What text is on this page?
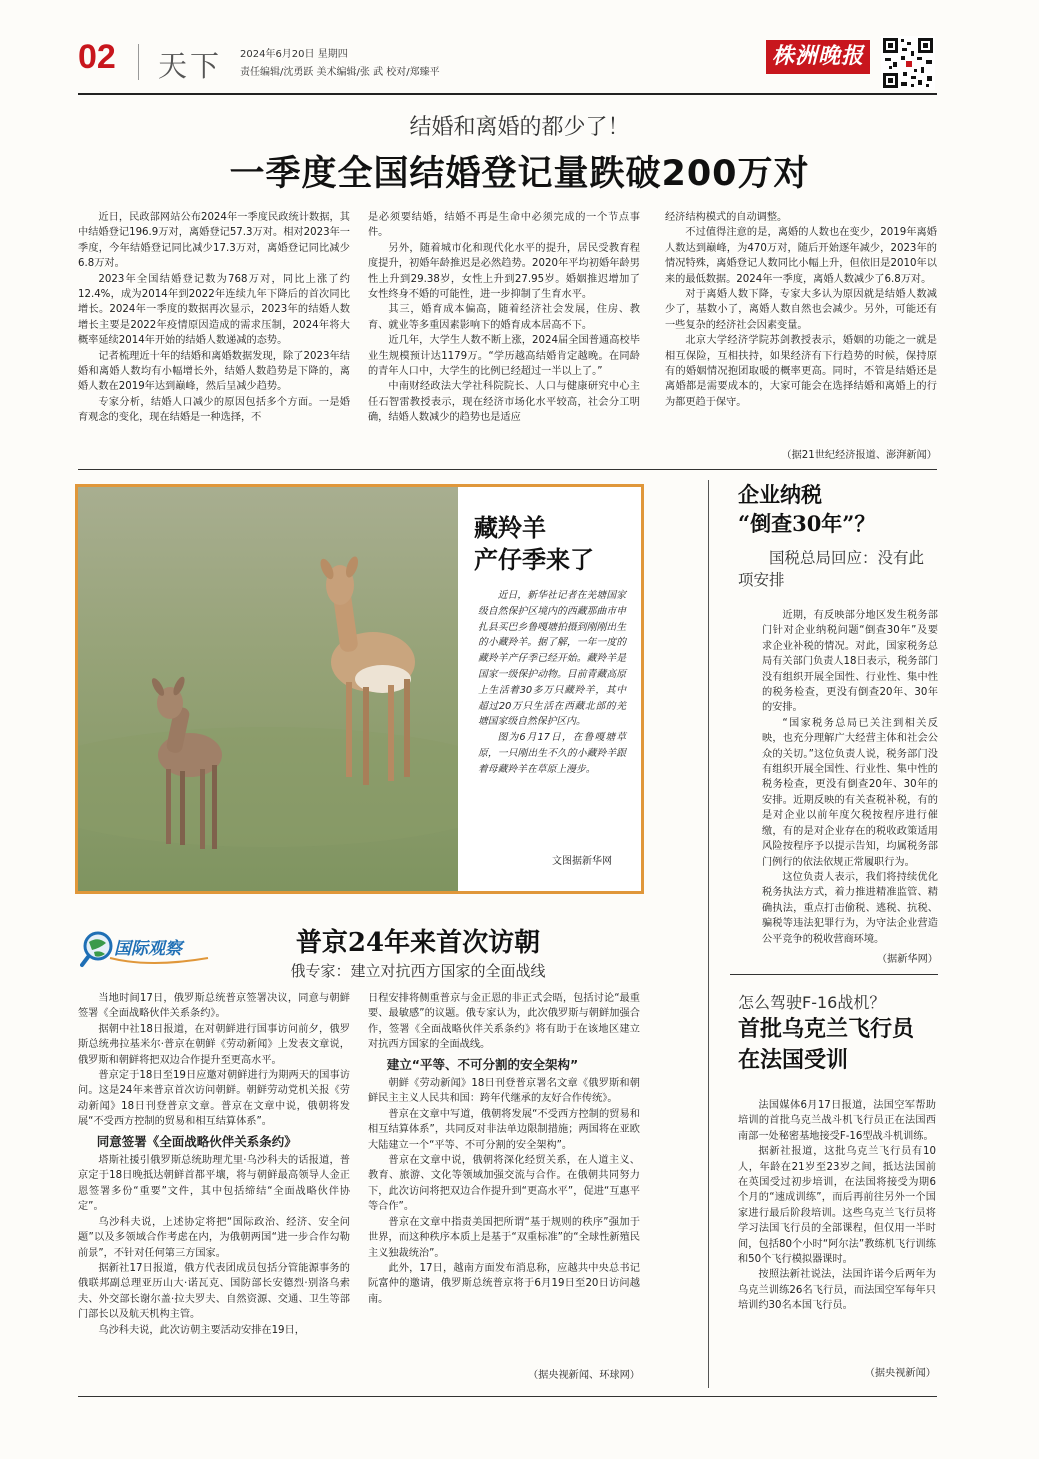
02 天下 2024年6月20日 星期四
责任编辑/沈勇跃 美术编辑/张 武 校对/郑臻平
株洲晚报
结婚和离婚的都少了！
一季度全国结婚登记量跌破200万对

近日，民政部网站公布2024年一季度民政统计数据，其中结婚登记196.9万对，离婚登记57.3万对。相对2023年一季度，今年结婚登记同比减少17.3万对，离婚登记同比减少6.8万对。

2023年全国结婚登记数为768万对，同比上涨了约12.4%，成为2014年到2022年连续九年下降后的首次同比增长。2024年一季度的数据再次显示，2023年的结婚人数增长主要是2022年疫情原因造成的需求压制，2024年将大概率延续2014年开始的结婚人数递减的态势。

记者梳理近十年的结婚和离婚数据发现，除了2023年结婚和离婚人数均有小幅增长外，结婚人数趋势是下降的，离婚人数在2019年达到巅峰，然后呈减少趋势。

专家分析，结婚人口减少的原因包括多个方面。一是婚育观念的变化，现在结婚是一种选择，不

是必须要结婚，结婚不再是生命中必须完成的一个节点事件。

另外，随着城市化和现代化水平的提升，居民受教育程度提升，初婚年龄推迟是必然趋势。2020年平均初婚年龄男性上升到29.38岁，女性上升到27.95岁。婚姻推迟增加了女性终身不婚的可能性，进一步抑制了生育水平。

其三，婚育成本偏高，随着经济社会发展，住房、教育、就业等多重因素影响下的婚育成本居高不下。

近几年，大学生人数不断上涨，2024届全国普通高校毕业生规模预计达1179万。“学历越高结婚肯定越晚。在同龄的青年人口中，大学生的比例已经超过一半以上了。”

中南财经政法大学社科院院长、人口与健康研究中心主任石智雷教授表示，现在经济市场化水平较高，社会分工明确，结婚人数减少的趋势也是适应

经济结构模式的自动调整。

不过值得注意的是，离婚的人数也在变少，2019年离婚人数达到巅峰，为470万对，随后开始逐年减少，2023年的情况特殊，离婚登记人数同比小幅上升，但依旧是2010年以来的最低数据。2024年一季度，离婚人数减少了6.8万对。

对于离婚人数下降，专家大多认为原因就是结婚人数减少了，基数小了，离婚人数自然也会减少。另外，可能还有一些复杂的经济社会因素变量。

北京大学经济学院苏剑教授表示，婚姻的功能之一就是相互保险，互相扶持，如果经济有下行趋势的时候，保持原有的婚姻情况抱团取暖的概率更高。同时，不管是结婚还是离婚都是需要成本的，大家可能会在选择结婚和离婚上的行为都更趋于保守。

（据21世纪经济报道、澎湃新闻）
藏羚羊
产仔季来了

近日，新华社记者在羌塘国家级自然保护区境内的西藏那曲市申扎县买巴乡鲁嘎塘拍摄到刚刚出生的小藏羚羊。据了解，一年一度的藏羚羊产仔季已经开始。藏羚羊是国家一级保护动物。目前青藏高原上生活着30多万只藏羚羊，其中超过20万只生活在西藏北部的羌塘国家级自然保护区内。

图为6月17日，在鲁嘎塘草原，一只刚出生不久的小藏羚羊跟着母藏羚羊在草原上漫步。

文图据新华网
企业纳税
“倒查30年”？
国税总局回应：没有此项安排

近期，有反映部分地区发生税务部门针对企业纳税问题“倒查30年”及要求企业补税的情况。对此，国家税务总局有关部门负责人18日表示，税务部门没有组织开展全国性、行业性、集中性的税务检查，更没有倒查20年、30年的安排。

“国家税务总局已关注到相关反映，也充分理解广大经营主体和社会公众的关切。”这位负责人说，税务部门没有组织开展全国性、行业性、集中性的税务检查，更没有倒查20年、30年的安排。近期反映的有关查税补税，有的是对企业以前年度欠税按程序进行催缴，有的是对企业存在的税收政策适用风险按程序予以提示告知，均属税务部门例行的依法依规正常履职行为。

这位负责人表示，我们将持续优化税务执法方式，着力推进精准监管、精确执法，重点打击偷税、逃税、抗税、骗税等违法犯罪行为，为守法企业营造公平竞争的税收营商环境。

（据新华网）
怎么驾驶F-16战机？
首批乌克兰飞行员
在法国受训

法国媒体6月17日报道，法国空军帮助培训的首批乌克兰战斗机飞行员正在法国西南部一处秘密基地接受F-16型战斗机训练。

据新社报道，这批乌克兰飞行员有10人，年龄在21岁至23岁之间，抵达法国前在英国受过初步培训，在法国将接受为期6个月的“速成训练”，而后再前往另外一个国家进行最后阶段培训。这些乌克兰飞行员将学习法国飞行员的全部课程，但仅用一半时间，包括80个小时“阿尔法”教练机飞行训练和50个飞行模拟器课时。

按照法新社说法，法国许诺今后两年为乌克兰训练26名飞行员，而法国空军每年只培训约30名本国飞行员。

（据央视新闻）
国际观察	普京24年来首次访朝
俄专家：建立对抗西方国家的全面战线

当地时间17日，俄罗斯总统普京签署决议，同意与朝鲜签署《全面战略伙伴关系条约》。

据朝中社18日报道，在对朝鲜进行国事访问前夕，俄罗斯总统弗拉基米尔·普京在朝鲜《劳动新闻》上发表文章说，俄罗斯和朝鲜将把双边合作提升至更高水平。

普京定于18日至19日应邀对朝鲜进行为期两天的国事访问。这是24年来普京首次访问朝鲜。朝鲜劳动党机关报《劳动新闻》18日刊登普京文章。普京在文章中说，俄朝将发展“不受西方控制的贸易和相互结算体系”。

同意签署《全面战略伙伴关系条约》

塔斯社援引俄罗斯总统助理尤里·乌沙科夫的话报道，普京定于18日晚抵达朝鲜首都平壤，将与朝鲜最高领导人金正恩签署多份“重要”文件，其中包括缔结“全面战略伙伴协定”。

乌沙科夫说，上述协定将把“国际政治、经济、安全问题”以及多领域合作考虑在内，为俄朝两国“进一步合作勾勒前景”，不针对任何第三方国家。

据新社17日报道，俄方代表团成员包括分管能源事务的俄联邦副总理亚历山大·诺瓦克、国防部长安德烈·别洛乌索夫、外交部长谢尔盖·拉夫罗夫、自然资源、交通、卫生等部门部长以及航天机构主管。

乌沙科夫说，此次访朝主要活动安排在19日，

日程安排将侧重普京与金正恩的非正式会晤，包括讨论“最重要、最敏感”的议题。俄专家认为，此次俄罗斯与朝鲜加强合作，签署《全面战略伙伴关系条约》将有助于在该地区建立对抗西方国家的全面战线。

建立“平等、不可分割的安全架构”

朝鲜《劳动新闻》18日刊登普京署名文章《俄罗斯和朝鲜民主主义人民共和国：跨年代继承的友好合作传统》。

普京在文章中写道，俄朝将发展“不受西方控制的贸易和相互结算体系”，共同反对非法单边限制措施；两国将在亚欧大陆建立一个“平等、不可分割的安全架构”。

普京在文章中说，俄朝将深化经贸关系，在人道主义、教育、旅游、文化等领域加强交流与合作。在俄朝共同努力下，此次访问将把双边合作提升到“更高水平”，促进“互惠平等合作”。

普京在文章中指责美国把所谓“基于规则的秩序”强加于世界，而这种秩序本质上是基于“双重标准”的“全球性新殖民主义独裁统治”。

此外，17日，越南方面发布消息称，应越共中央总书记阮富仲的邀请，俄罗斯总统普京将于6月19日至20日访问越南。

（据央视新闻、环球网）
